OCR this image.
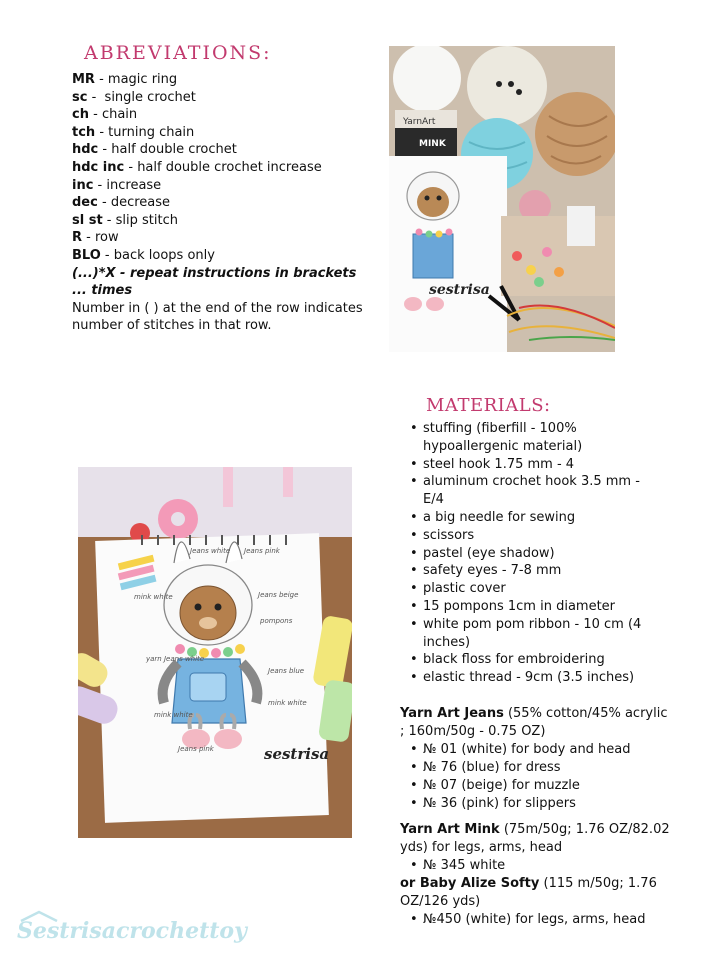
ABREVIATIONS:
MR - magic ring
sc -  single crochet
ch - chain
tch - turning chain
hdc - half double crochet
hdc inc - half double crochet increase
inc - increase
dec - decrease
sl st - slip stitch
R - row
BLO - back loops only
(...)*X - repeat instructions in brackets ... times
Number in ( ) at the end of the row indicates number of stitches in that row.
YarnArt
MINK
sestrisa
MATERIALS:
• stuffing (fiberfill - 100% hypoallergenic material)
• steel hook 1.75 mm - 4
• aluminum crochet hook 3.5 mm - E/4
• a big needle for sewing
• scissors
• pastel (eye shadow)
• safety eyes - 7-8 mm
• plastic cover
• 15 pompons 1cm in diameter
• white pom pom ribbon - 10 cm (4 inches)
• black floss for embroidering
• elastic thread - 9cm (3.5 inches)
Jeans white Jeans pink
mink white	Jeans beige
pompons
yarn Jeans white
Jeans blue
mink white
mink white
Jeans pink	sestrisa
Yarn Art Jeans (55% cotton/45% acrylic ; 160m/50g - 0.75 OZ)
• № 01 (white) for body and head
• № 76 (blue) for dress
• № 07 (beige) for muzzle
• № 36 (pink) for slippers
Yarn Art Mink (75m/50g; 1.76 OZ/82.02 yds) for legs, arms, head
• № 345 white
or Baby Alize Softy (115 m/50g; 1.76 OZ/126 yds)
• №450 (white) for legs, arms, head
Sestrisacrochettoy
